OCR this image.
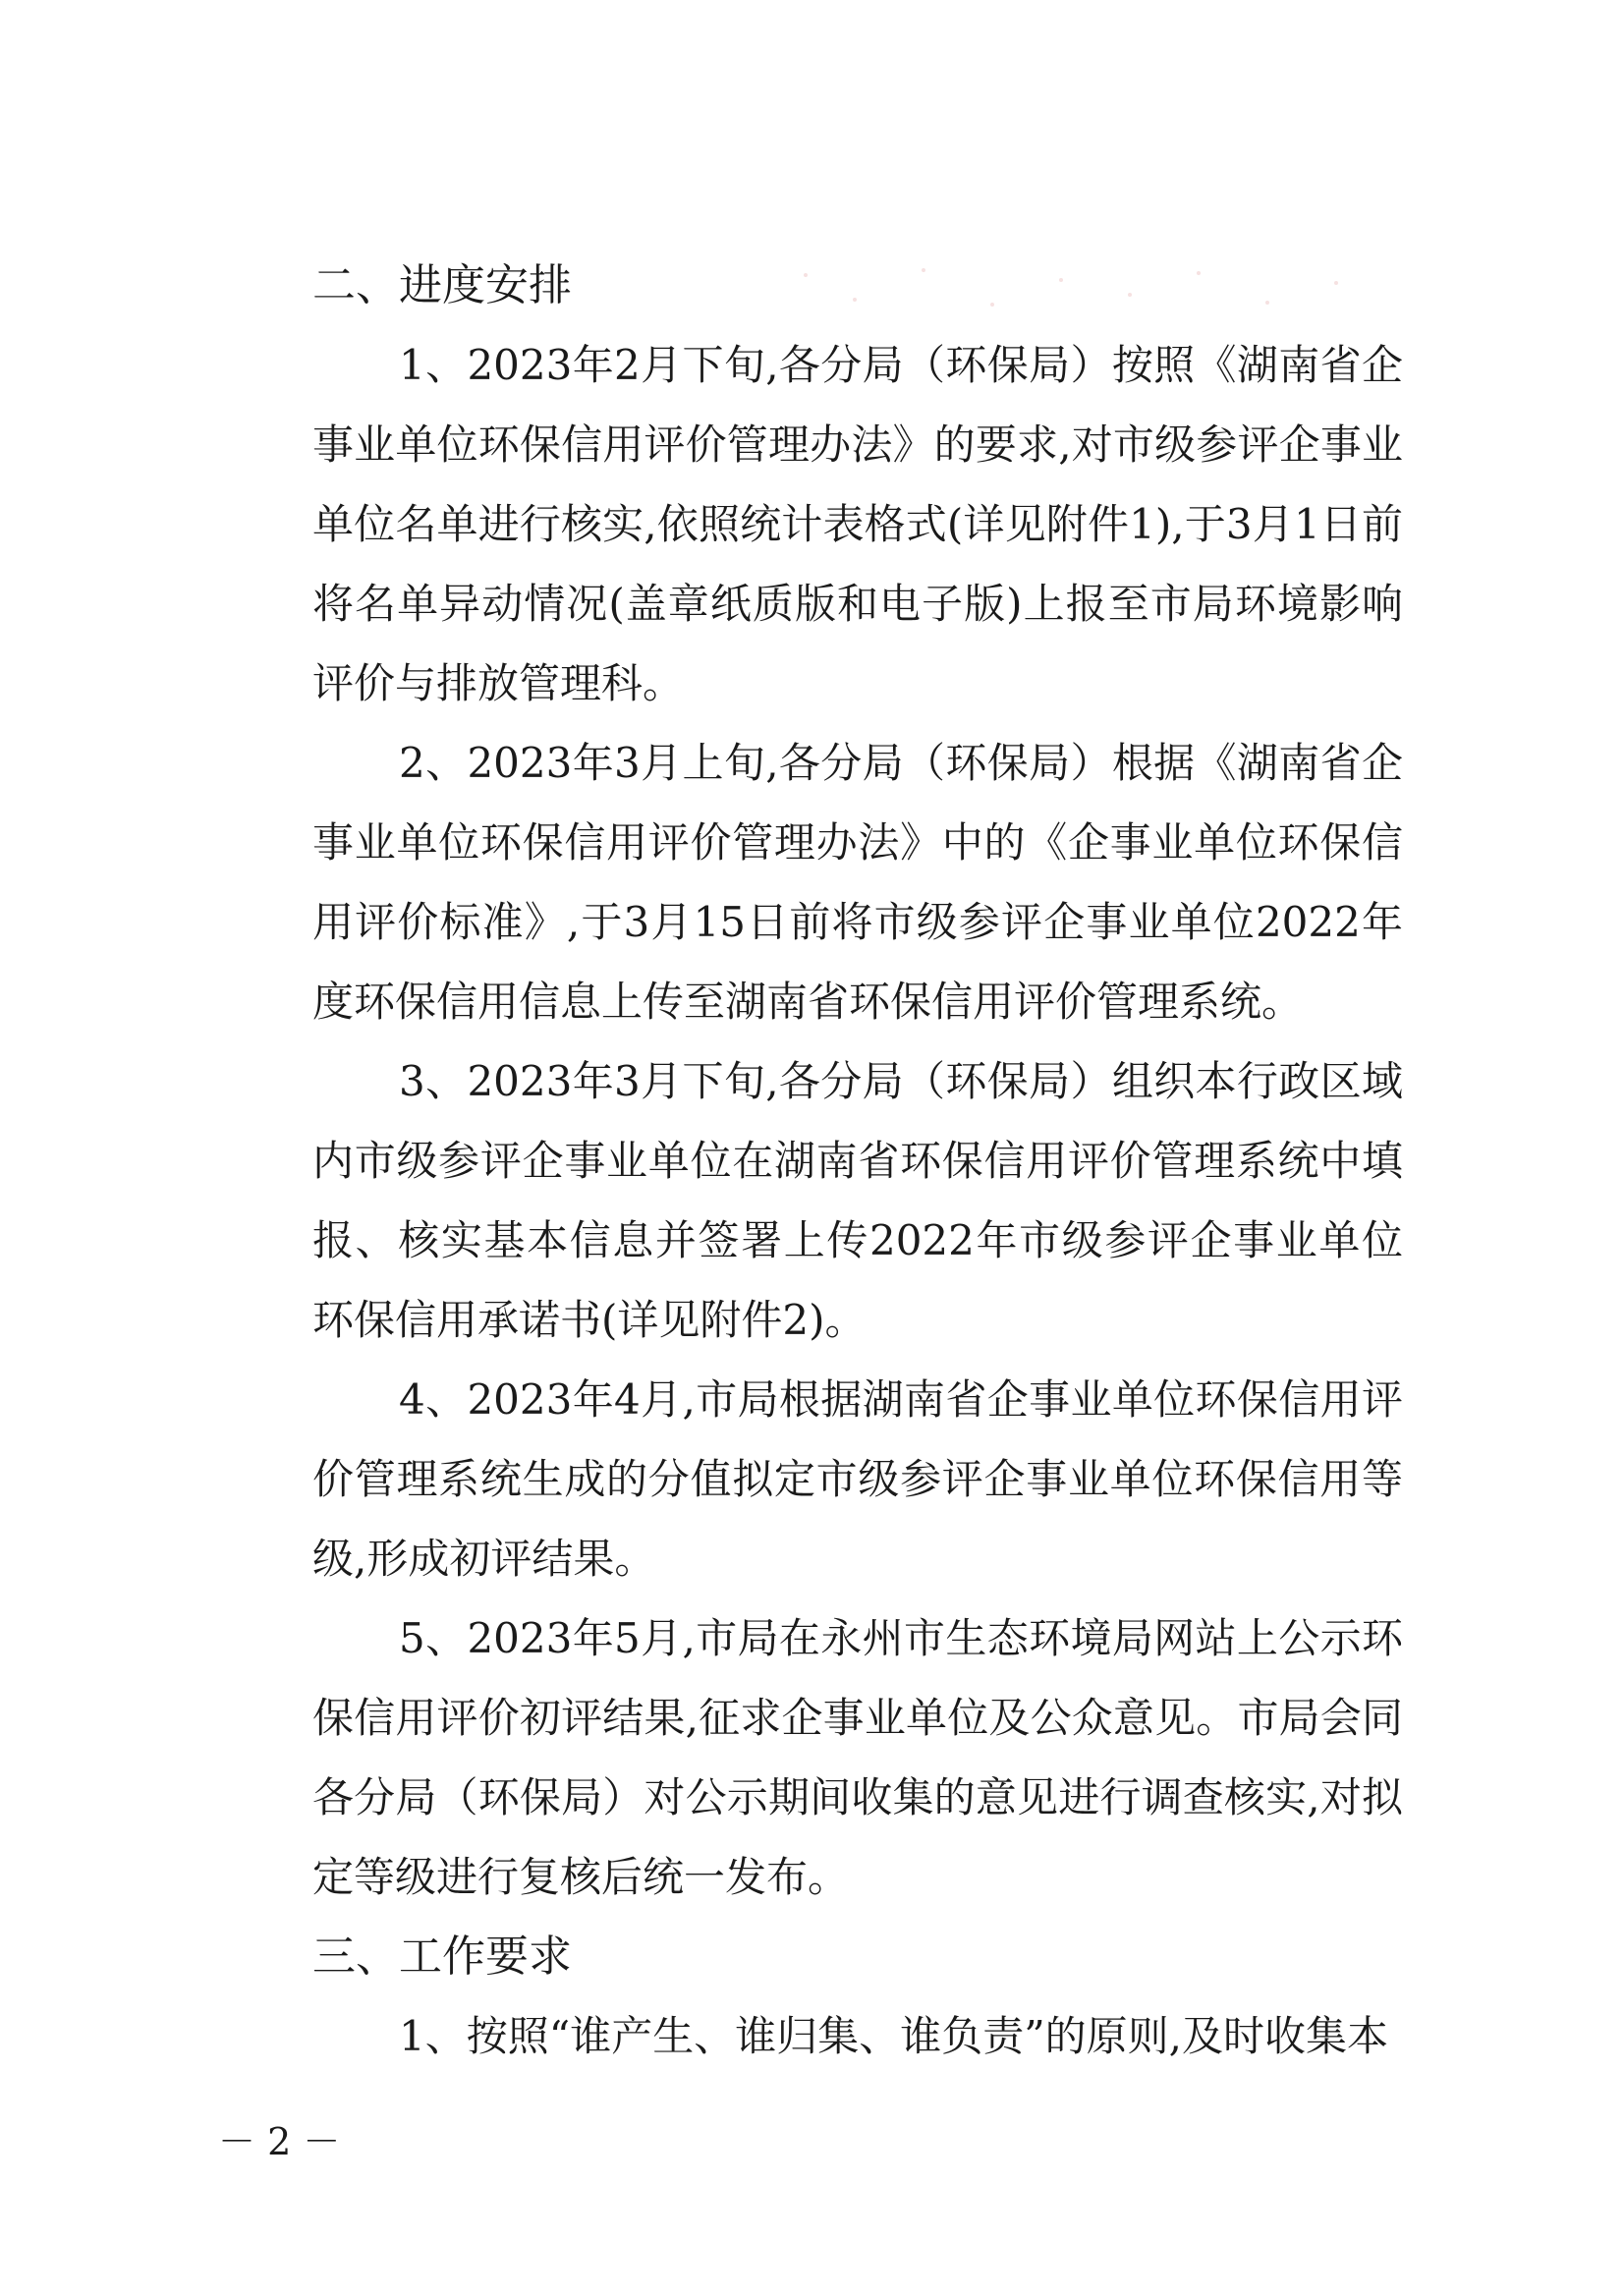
二、进度安排

1、2023年2月下旬,各分局（环保局）按照《湖南省企事业单位环保信用评价管理办法》的要求,对市级参评企事业单位名单进行核实,依照统计表格式(详见附件1),于3月1日前将名单异动情况(盖章纸质版和电子版)上报至市局环境影响评价与排放管理科。

2、2023年3月上旬,各分局（环保局）根据《湖南省企事业单位环保信用评价管理办法》中的《企事业单位环保信用评价标准》,于3月15日前将市级参评企事业单位2022年度环保信用信息上传至湖南省环保信用评价管理系统。

3、2023年3月下旬,各分局（环保局）组织本行政区域内市级参评企事业单位在湖南省环保信用评价管理系统中填报、核实基本信息并签署上传2022年市级参评企事业单位环保信用承诺书(详见附件2)。

4、2023年4月,市局根据湖南省企事业单位环保信用评价管理系统生成的分值拟定市级参评企事业单位环保信用等级,形成初评结果。

5、2023年5月,市局在永州市生态环境局网站上公示环保信用评价初评结果,征求企事业单位及公众意见。市局会同各分局（环保局）对公示期间收集的意见进行调查核实,对拟定等级进行复核后统一发布。

三、工作要求

1、按照“谁产生、谁归集、谁负责”的原则,及时收集本

－ 2 －
